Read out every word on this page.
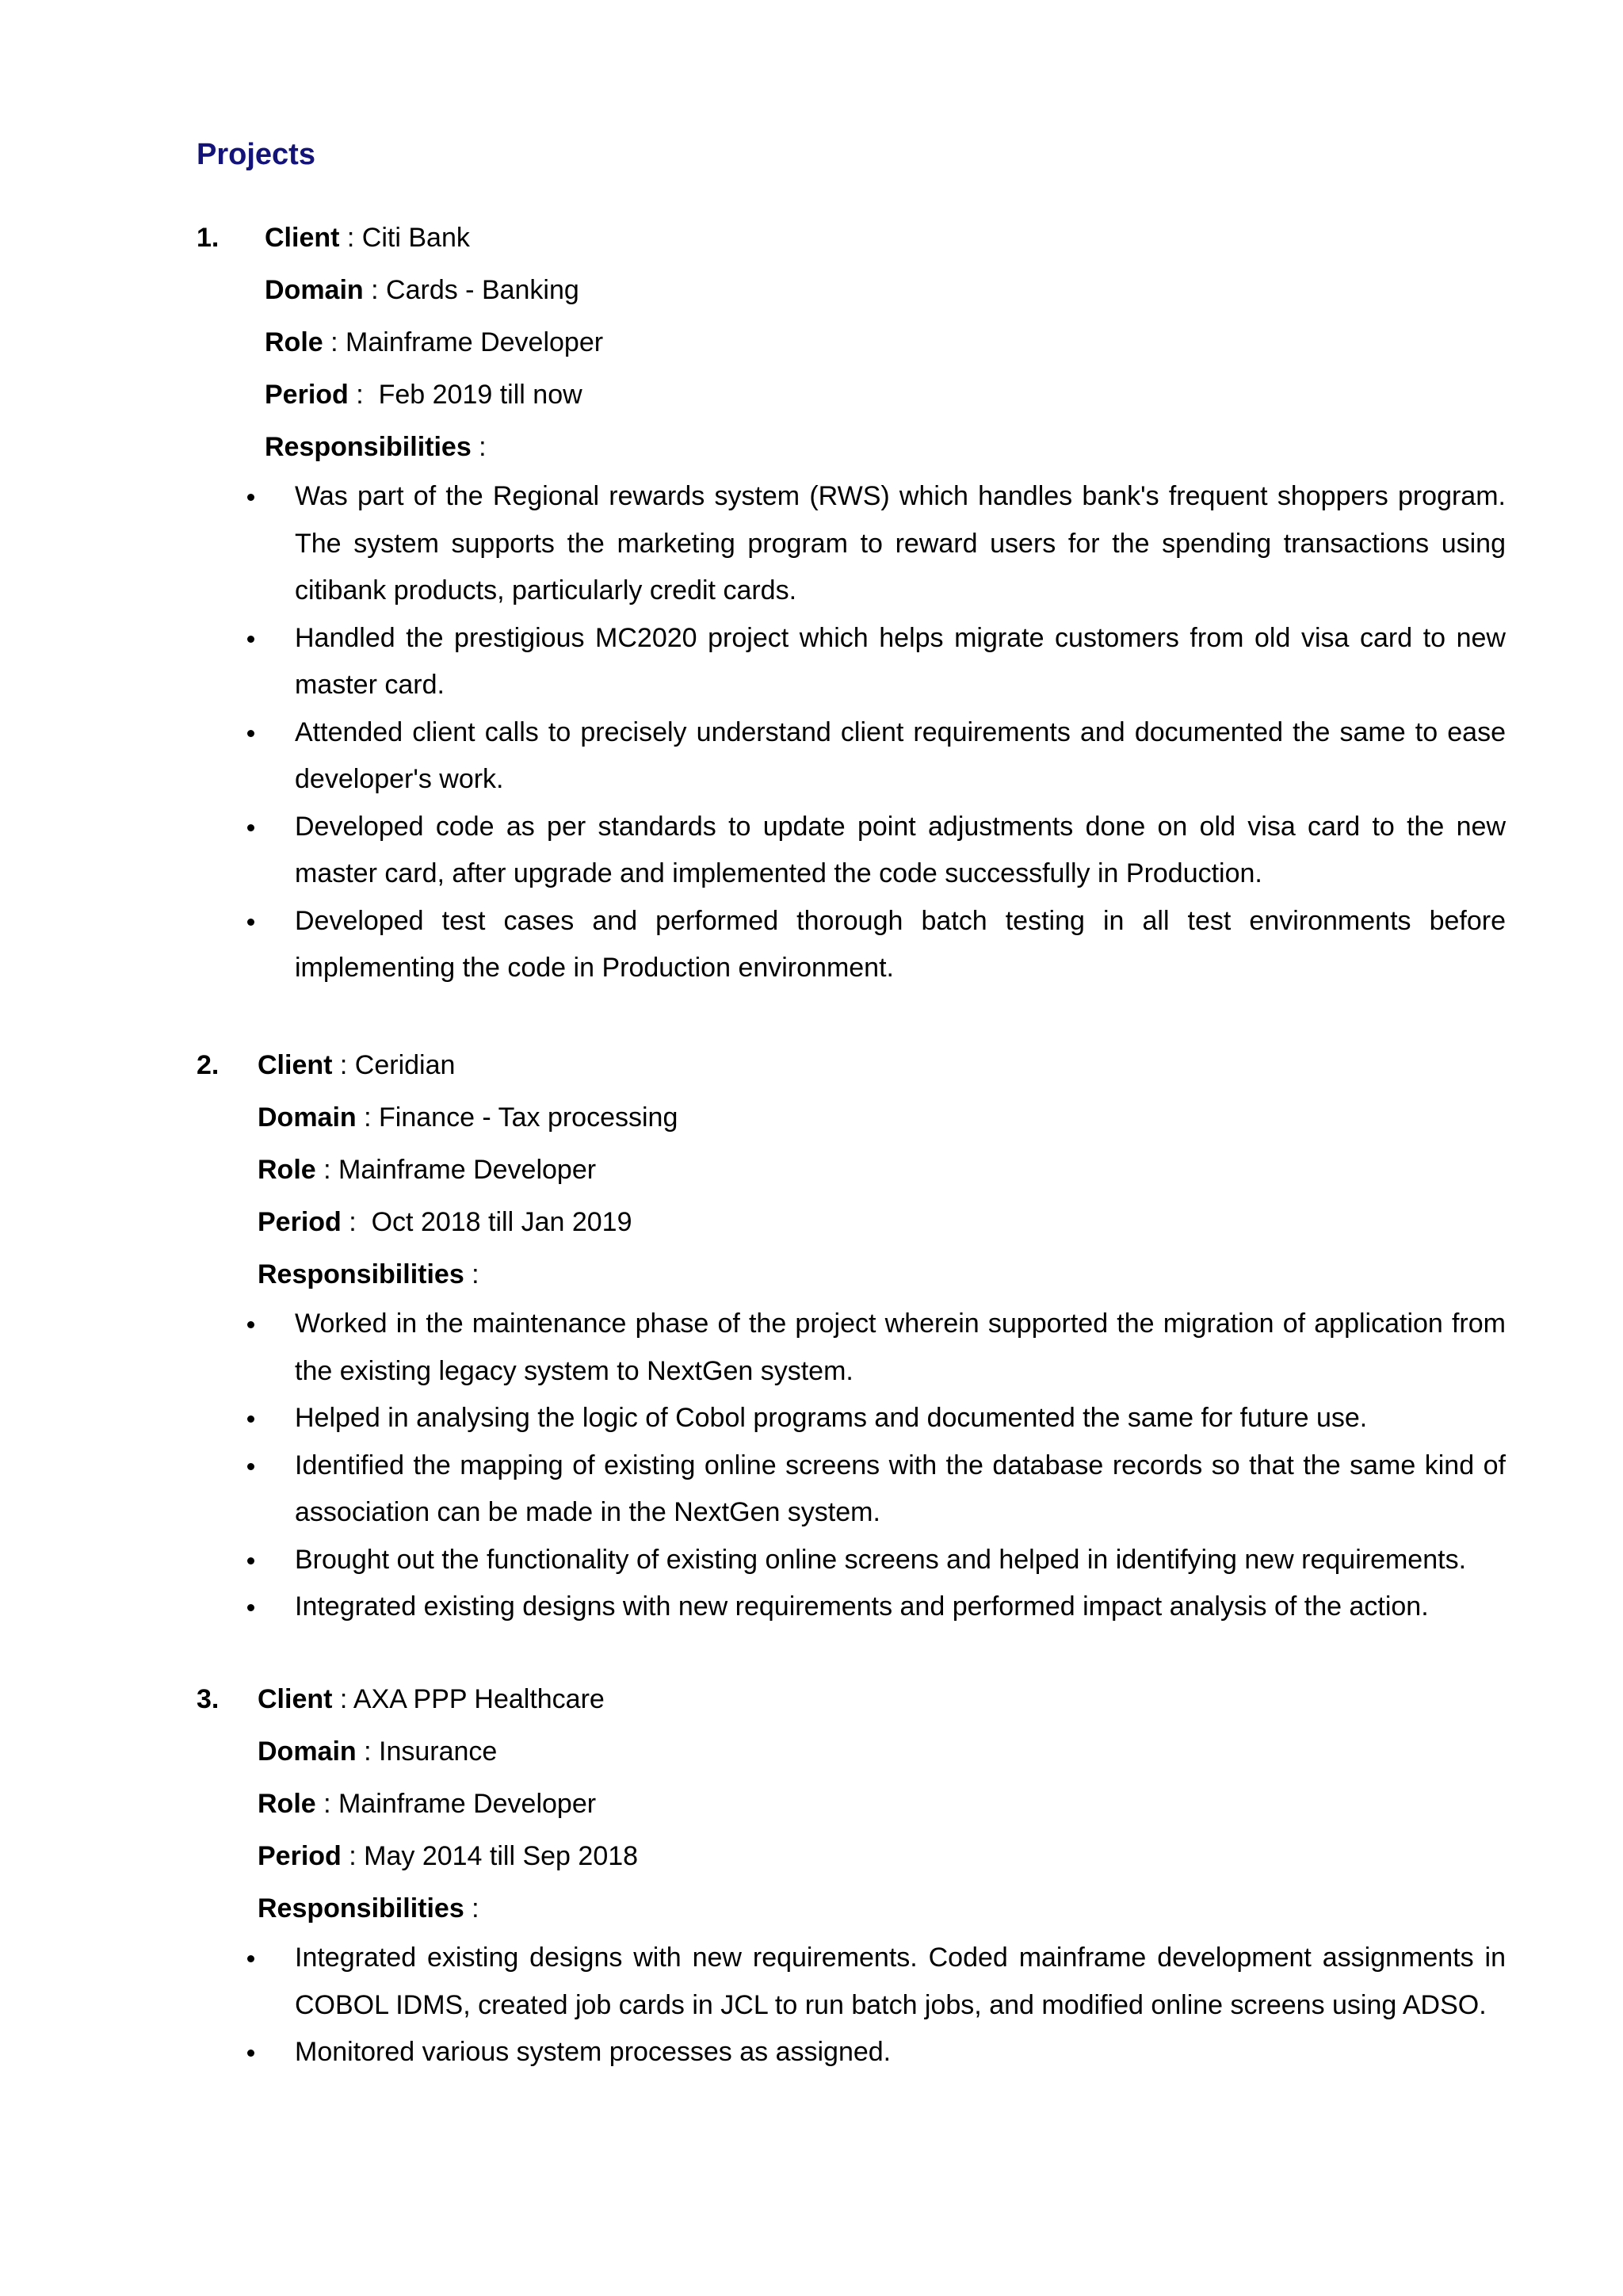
Projects
1. Client : Citi Bank
Domain : Cards - Banking
Role : Mainframe Developer
Period :  Feb 2019 till now
Responsibilities :
Was part of the Regional rewards system (RWS) which handles bank's frequent shoppers program. The system supports the marketing program to reward users for the spending transactions using citibank products, particularly credit cards.
Handled the prestigious MC2020 project which helps migrate customers from old visa card to new master card.
Attended client calls to precisely understand client requirements and documented the same to ease developer's work.
Developed code as per standards to update point adjustments done on old visa card to the new master card, after upgrade and implemented the code successfully in Production.
Developed test cases and performed thorough batch testing in all test environments before implementing the code in Production environment.
2. Client : Ceridian
Domain : Finance - Tax processing
Role : Mainframe Developer
Period :  Oct 2018 till Jan 2019
Responsibilities :
Worked in the maintenance phase of the project wherein supported the migration of application from the existing legacy system to NextGen system.
Helped in analysing the logic of Cobol programs and documented the same for future use.
Identified the mapping of existing online screens with the database records so that the same kind of association can be made in the NextGen system.
Brought out the functionality of existing online screens and helped in identifying new requirements.
Integrated existing designs with new requirements and performed impact analysis of the action.
3. Client : AXA PPP Healthcare
Domain : Insurance
Role : Mainframe Developer
Period : May 2014 till Sep 2018
Responsibilities :
Integrated existing designs with new requirements. Coded mainframe development assignments in COBOL IDMS, created job cards in JCL to run batch jobs, and modified online screens using ADSO.
Monitored various system processes as assigned.
